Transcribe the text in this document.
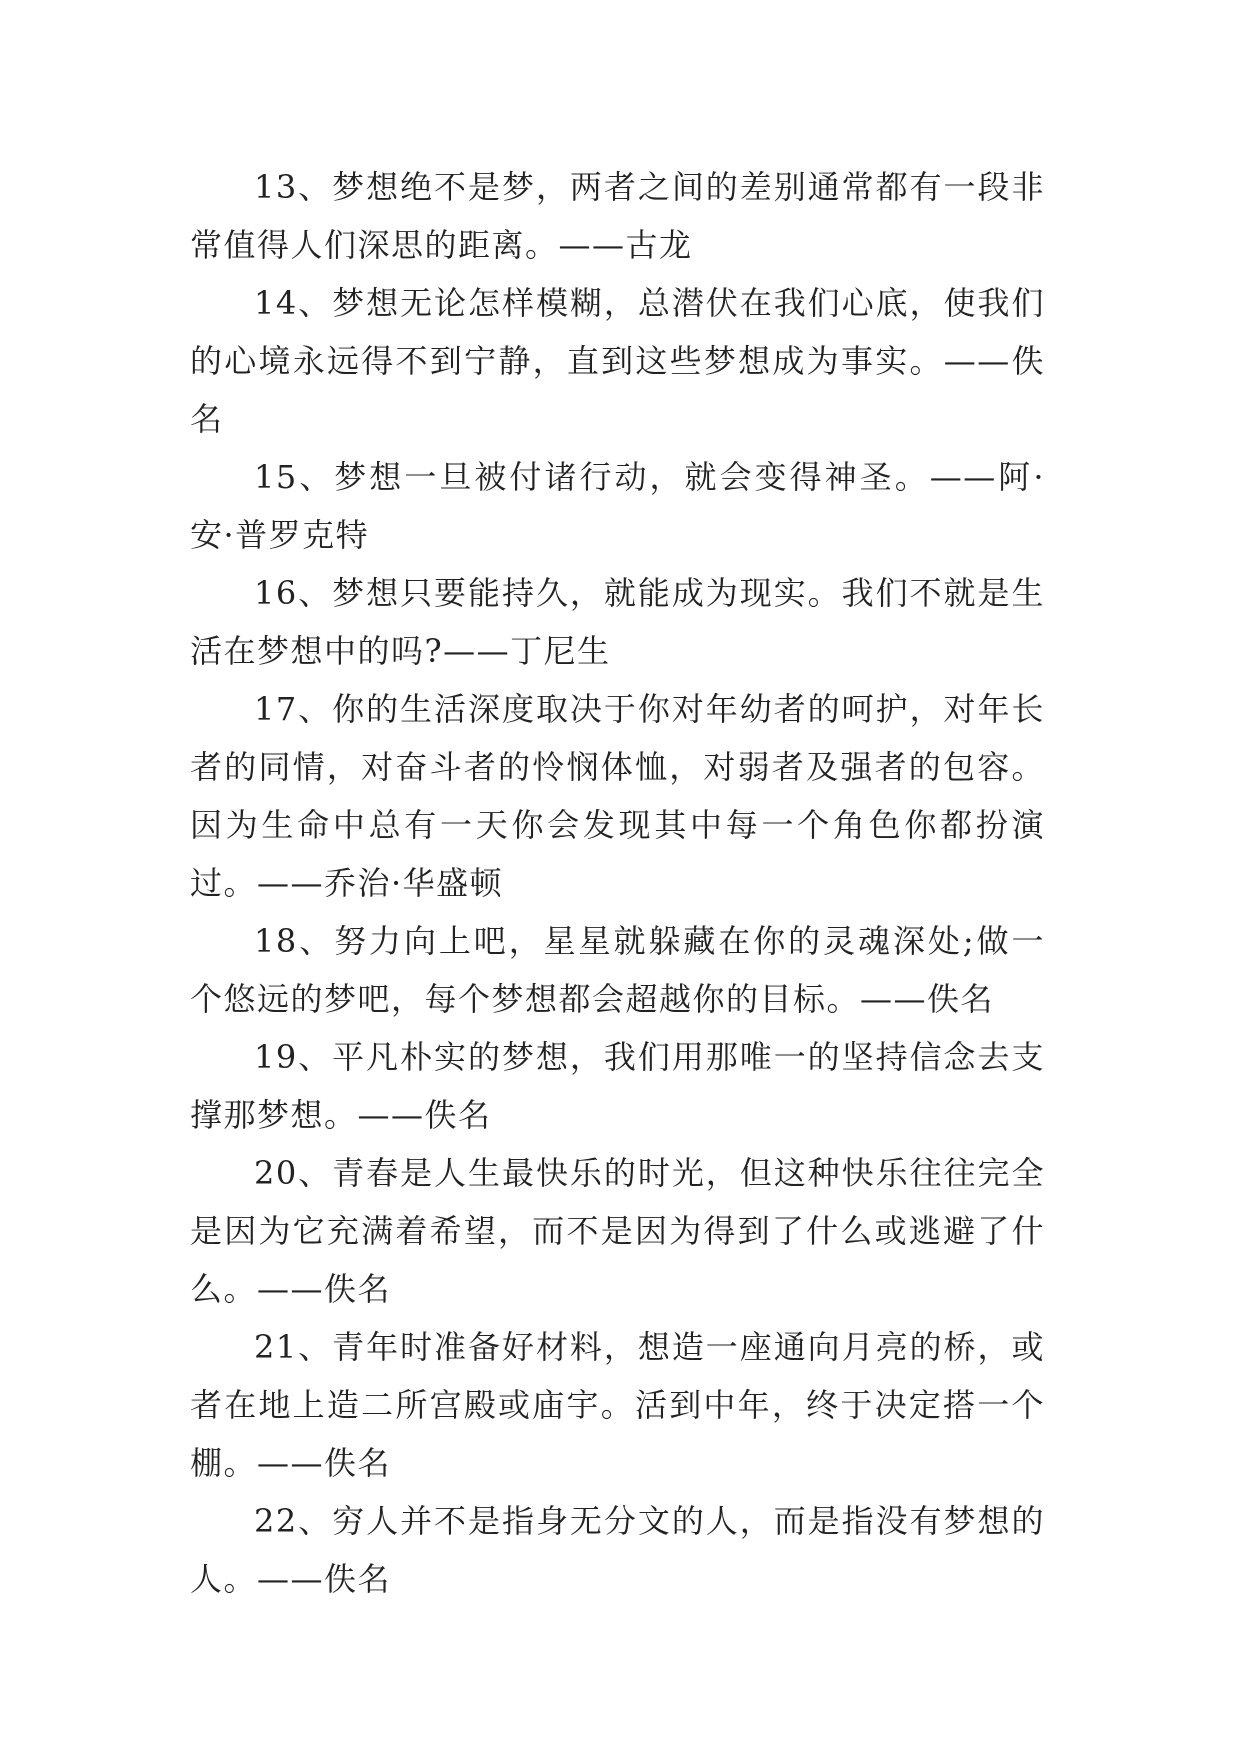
13、梦想绝不是梦，两者之间的差别通常都有一段非常值得人们深思的距离。——古龙

14、梦想无论怎样模糊，总潜伏在我们心底，使我们的心境永远得不到宁静，直到这些梦想成为事实。——佚名

15、梦想一旦被付诸行动，就会变得神圣。——阿·安·普罗克特

16、梦想只要能持久，就能成为现实。我们不就是生活在梦想中的吗?——丁尼生

17、你的生活深度取决于你对年幼者的呵护，对年长者的同情，对奋斗者的怜悯体恤，对弱者及强者的包容。因为生命中总有一天你会发现其中每一个角色你都扮演过。——乔治·华盛顿

18、努力向上吧，星星就躲藏在你的灵魂深处;做一个悠远的梦吧，每个梦想都会超越你的目标。——佚名

19、平凡朴实的梦想，我们用那唯一的坚持信念去支撑那梦想。——佚名

20、青春是人生最快乐的时光，但这种快乐往往完全是因为它充满着希望，而不是因为得到了什么或逃避了什么。——佚名

21、青年时准备好材料，想造一座通向月亮的桥，或者在地上造二所宫殿或庙宇。活到中年，终于决定搭一个棚。——佚名

22、穷人并不是指身无分文的人，而是指没有梦想的人。——佚名
